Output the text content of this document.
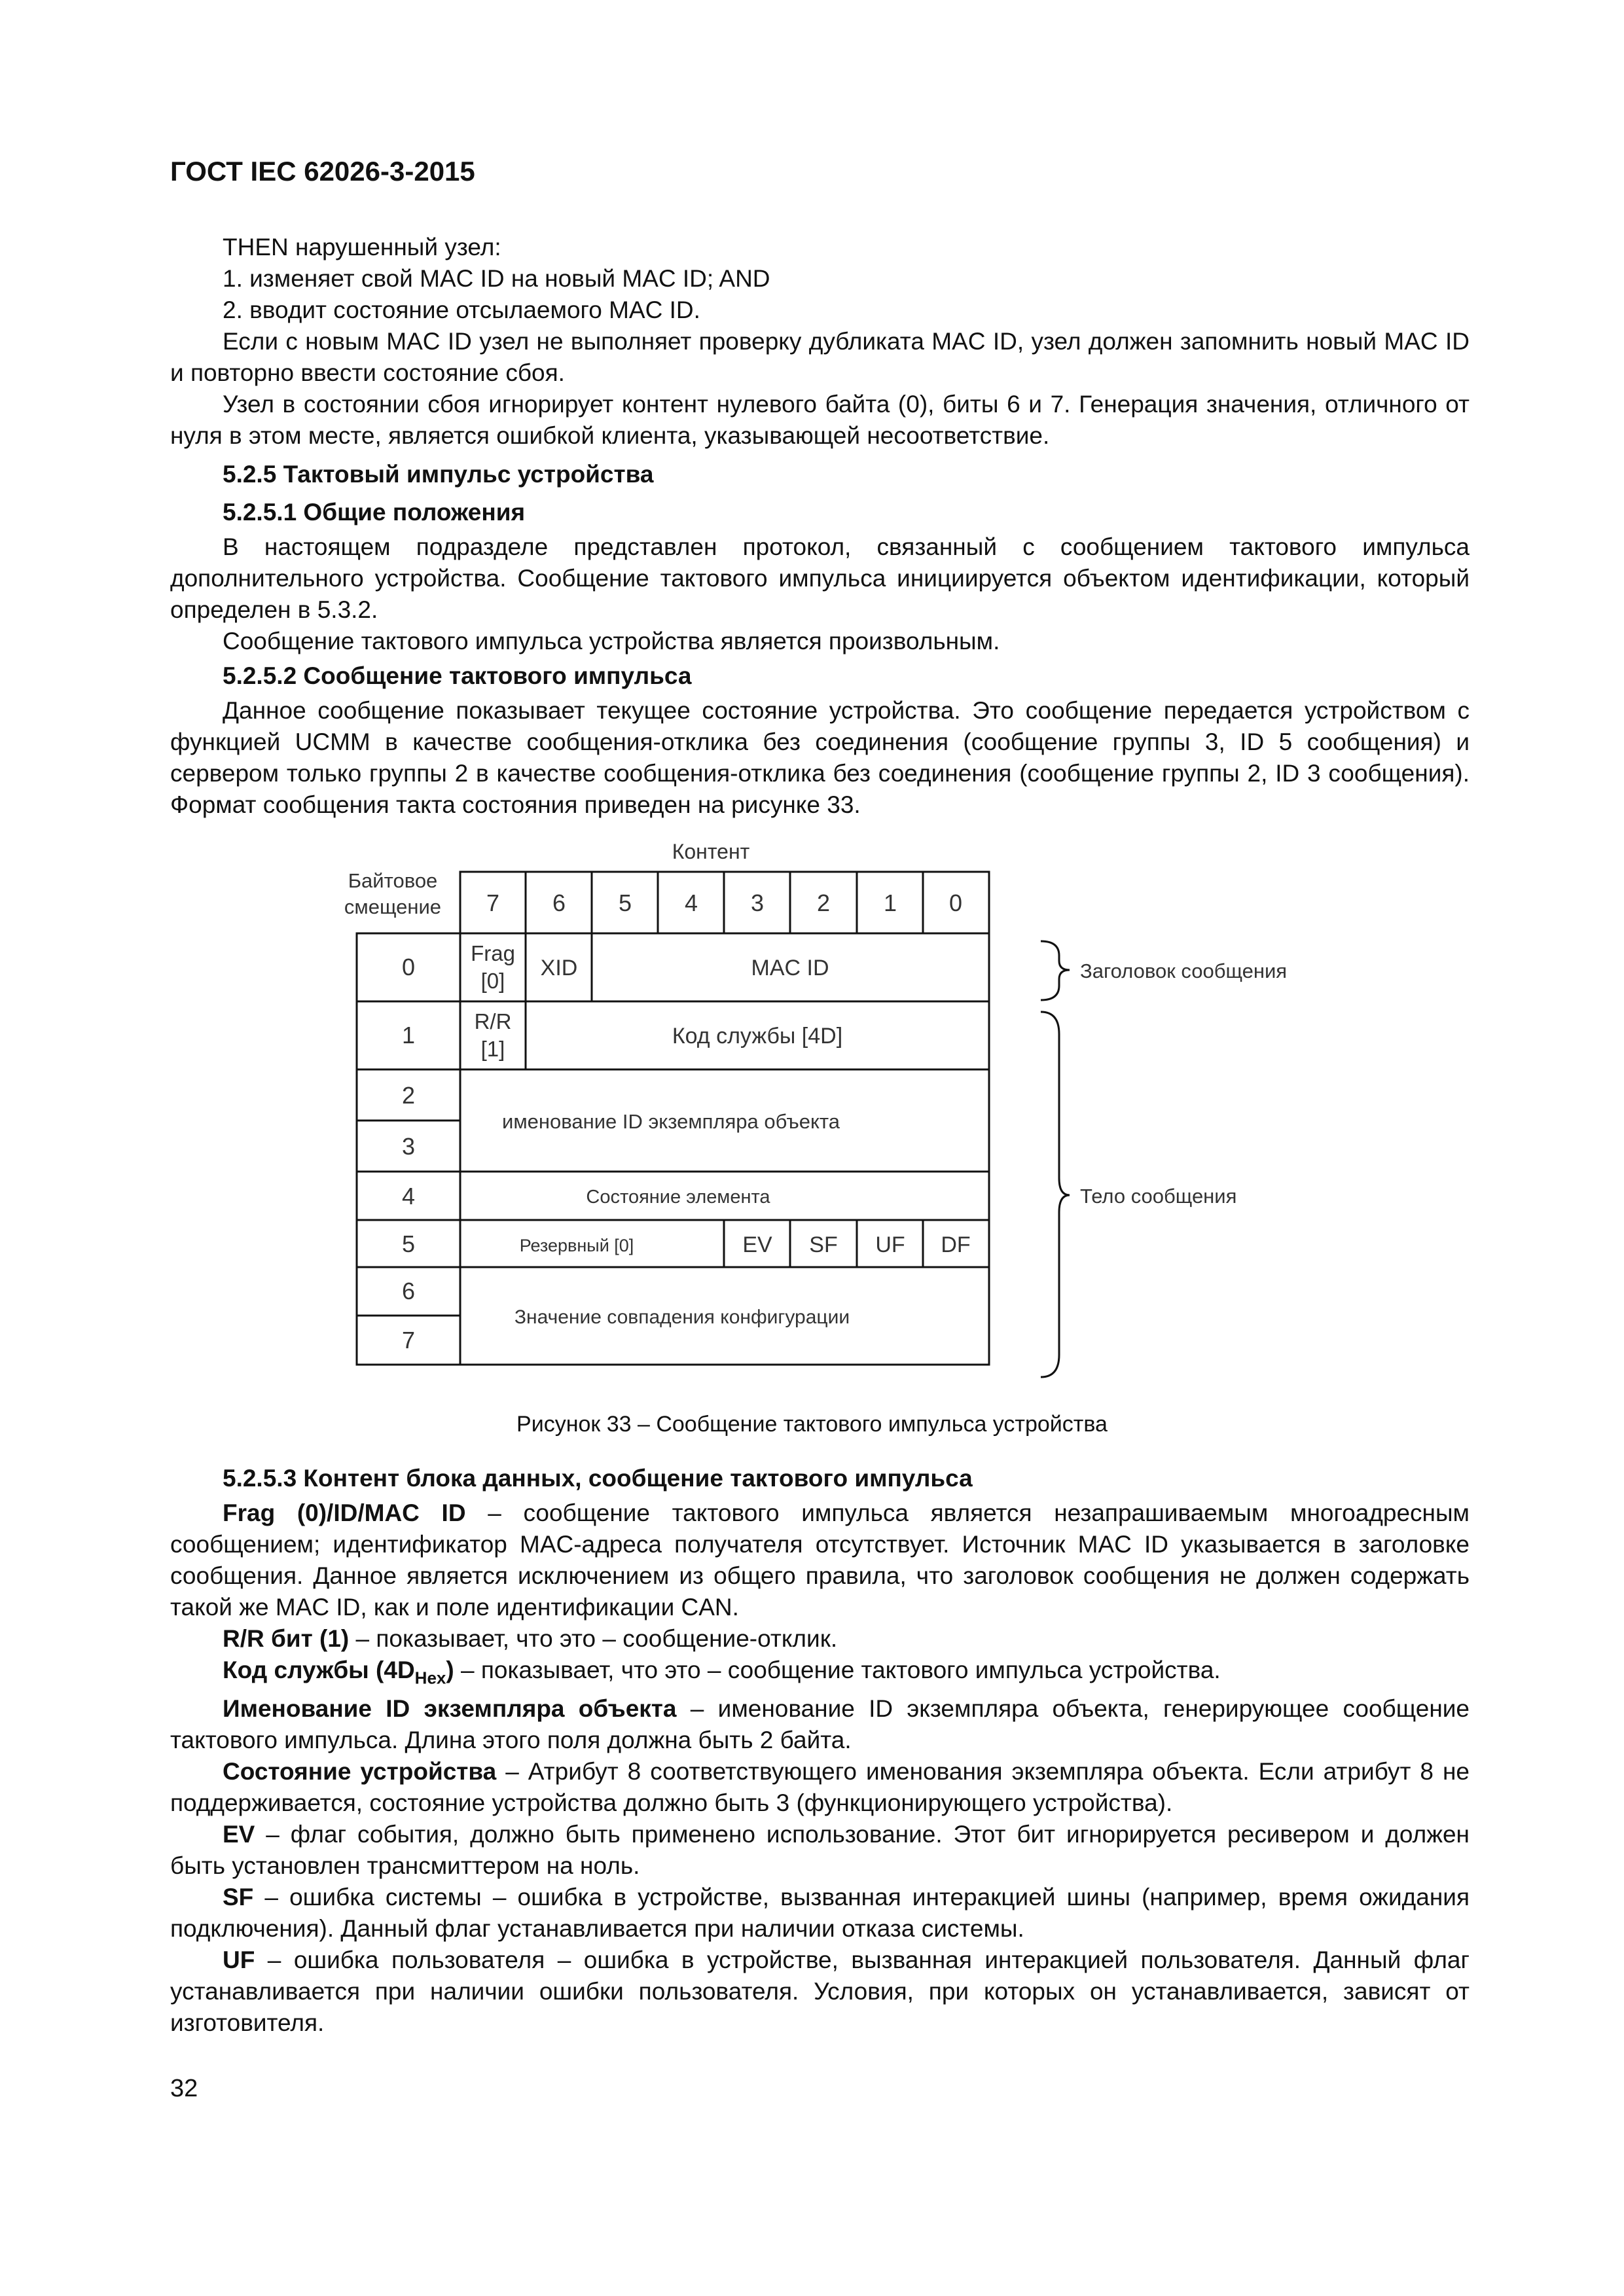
ГОСТ IEC 62026-3-2015

THEN нарушенный узел:

1. изменяет свой MAC ID на новый MAC ID; AND

2. вводит состояние отсылаемого MAC ID.

Если с новым MAC ID узел не выполняет проверку дубликата MAC ID, узел должен запомнить новый MAC ID и повторно ввести состояние сбоя.

Узел в состоянии сбоя игнорирует контент нулевого байта (0), биты 6 и 7. Генерация значения, отличного от нуля в этом месте, является ошибкой клиента, указывающей несоответствие.

5.2.5 Тактовый импульс устройства
5.2.5.1 Общие положения

В настоящем подразделе представлен протокол, связанный с сообщением тактового импульса дополнительного устройства. Сообщение тактового импульса инициируется объектом идентификации, который определен в 5.3.2.

Сообщение тактового импульса устройства является произвольным.

5.2.5.2 Сообщение тактового импульса

Данное сообщение показывает текущее состояние устройства. Это сообщение передается устройством с функцией UCMM в качестве сообщения-отклика без соединения (сообщение группы 3, ID 5 сообщения) и сервером только группы 2 в качестве сообщения-отклика без соединения (сообщение группы 2, ID 3 сообщения). Формат сообщения такта состояния приведен на рисунке 33.

Контент
Байтовое
смещение 7 6 5 4 3 2 1 0
0
1
2
3
4
5
6
7
Frag
[0]
XID	MAC ID
R/R
[1]
Код службы [4D]
именование ID экземпляра объекта
Состояние элемента
Резервный [0]	EV SF UF DF
Значение совпадения конфигурации
Заголовок сообщения
Тело сообщения
Рисунок 33 – Сообщение тактового импульса устройства
5.2.5.3 Контент блока данных, сообщение тактового импульса

Frag (0)/ID/MAC ID – сообщение тактового импульса является незапрашиваемым многоадресным сообщением; идентификатор MAC-адреса получателя отсутствует. Источник MAC ID указывается в заголовке сообщения. Данное является исключением из общего правила, что заголовок сообщения не должен содержать такой же MAC ID, как и поле идентификации CAN.

R/R бит (1) – показывает, что это – сообщение-отклик.

Код службы $(4D_{Hex})$ – показывает, что это – сообщение тактового импульса устройства.

Именование ID экземпляра объекта – именование ID экземпляра объекта, генерирующее сообщение тактового импульса. Длина этого поля должна быть 2 байта.

Состояние устройства – Атрибут 8 соответствующего именования экземпляра объекта. Если атрибут 8 не поддерживается, состояние устройства должно быть 3 (функционирующего устройства).

EV – флаг события, должно быть применено использование. Этот бит игнорируется ресивером и должен быть установлен трансмиттером на ноль.

SF – ошибка системы – ошибка в устройстве, вызванная интеракцией шины (например, время ожидания подключения). Данный флаг устанавливается при наличии отказа системы.

UF – ошибка пользователя – ошибка в устройстве, вызванная интеракцией пользователя. Данный флаг устанавливается при наличии ошибки пользователя. Условия, при которых он устанавливается, зависят от изготовителя.

32
